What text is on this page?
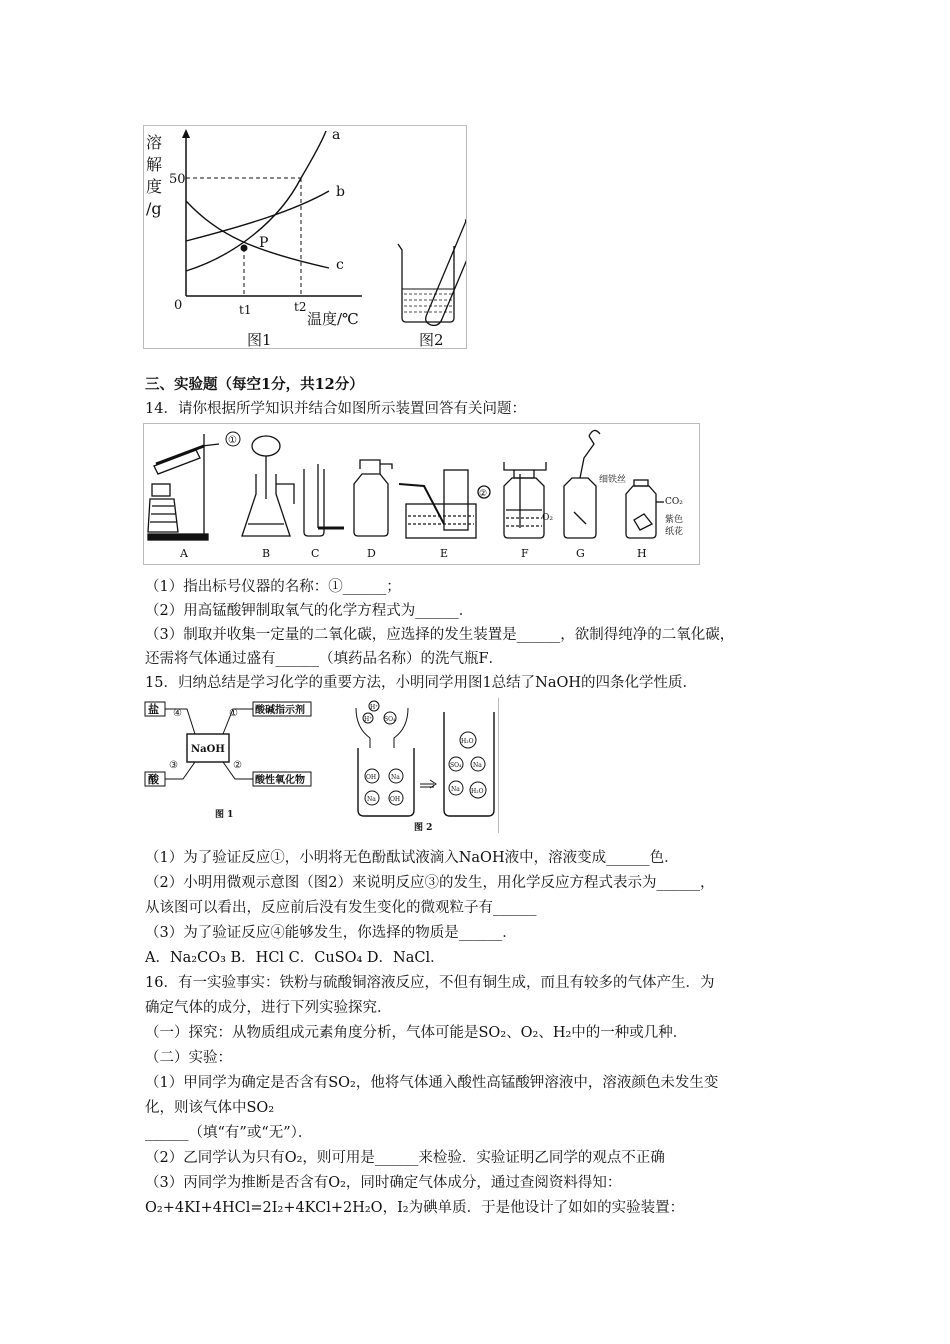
溶
解
度
/g
50
0	t1	t2
温度/℃
P
a
b
c
图1	图2
三、实验题（每空1分，共12分）
14．请你根据所学知识并结合如图所示装置回答有关问题：
②
细铁丝
O₂
CO₂
紫色
纸花
①
A	B	C	D	E	F	G	H
（1）指出标号仪器的名称：①______；
（2）用高锰酸钾制取氧气的化学方程式为______．
（3）制取并收集一定量的二氧化碳，应选择的发生装置是______，欲制得纯净的二氧化碳，
还需将气体通过盛有______（填药品名称）的洗气瓶F．
15．归纳总结是学习化学的重要方法，小明同学用图1总结了NaOH的四条化学性质．
盐
酸
酸碱指示剂
酸性氧化物
NaOH
④	①
③	②
图 1
H⁺
H⁺ SO₄
OH Na
Na OH
H₂O
SO₄ Na
Na H₂O
图 2
（1）为了验证反应①，小明将无色酚酞试液滴入NaOH液中，溶液变成______色．
（2）小明用微观示意图（图2）来说明反应③的发生，用化学反应方程式表示为______，
从该图可以看出，反应前后没有发生变化的微观粒子有______
（3）为了验证反应④能够发生，你选择的物质是______．
A．Na₂CO₃ B．HCl C．CuSO₄ D．NaCl．
16．有一实验事实：铁粉与硫酸铜溶液反应，不但有铜生成，而且有较多的气体产生．为
确定气体的成分，进行下列实验探究．
（一）探究：从物质组成元素角度分析，气体可能是SO₂、O₂、H₂中的一种或几种．
（二）实验：
（1）甲同学为确定是否含有SO₂，他将气体通入酸性高锰酸钾溶液中，溶液颜色未发生变
化，则该气体中SO₂
______（填“有”或“无”）．
（2）乙同学认为只有O₂，则可用是______来检验．实验证明乙同学的观点不正确
（3）丙同学为推断是否含有O₂，同时确定气体成分，通过查阅资料得知：
O₂+4KI+4HCl=2I₂+4KCl+2H₂O，I₂为碘单质．于是他设计了如如的实验装置：
